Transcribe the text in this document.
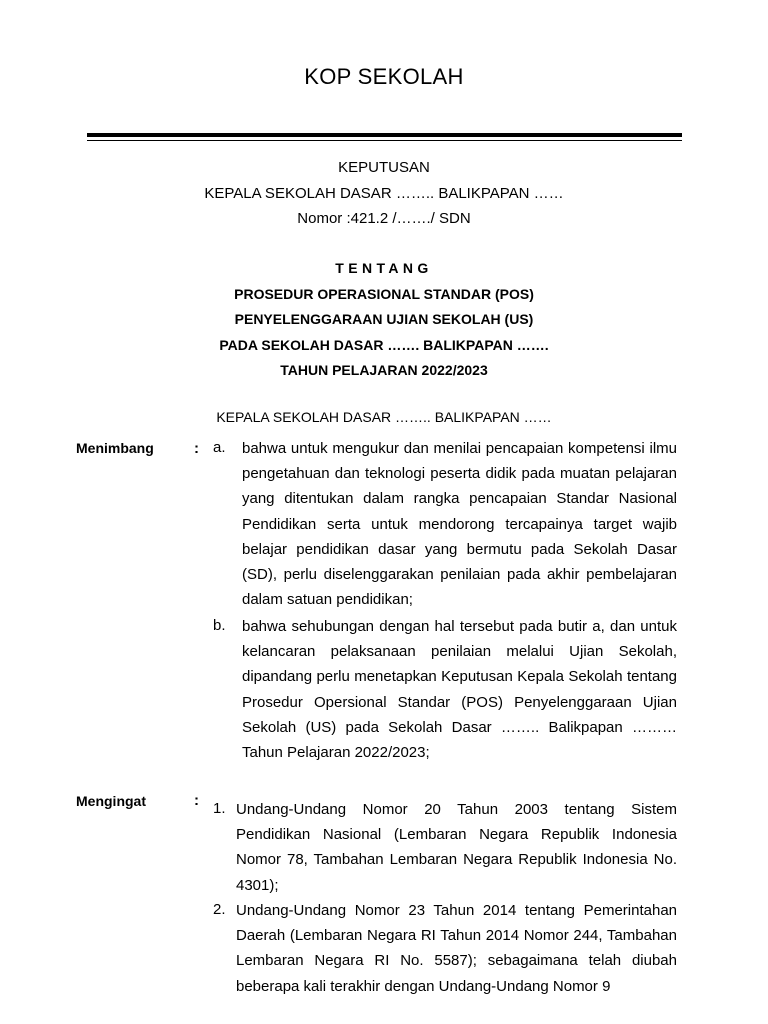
KOP SEKOLAH
KEPUTUSAN
KEPALA SEKOLAH DASAR …….. BALIKPAPAN ……
Nomor :421.2 /……./ SDN
TENTANG
PROSEDUR OPERASIONAL STANDAR (POS)
PENYELENGGARAAN UJIAN SEKOLAH (US)
PADA SEKOLAH DASAR ……. BALIKPAPAN …….
TAHUN PELAJARAN 2022/2023
KEPALA SEKOLAH DASAR …….. BALIKPAPAN ……
Menimbang	: a. bahwa untuk mengukur dan menilai pencapaian kompetensi ilmu pengetahuan dan teknologi peserta didik pada muatan pelajaran yang ditentukan dalam rangka pencapaian Standar Nasional Pendidikan serta untuk mendorong tercapainya target wajib belajar pendidikan dasar yang bermutu pada Sekolah Dasar (SD), perlu diselenggarakan penilaian pada akhir pembelajaran dalam satuan pendidikan;
b. bahwa sehubungan dengan hal tersebut pada butir a, dan untuk kelancaran pelaksanaan penilaian melalui Ujian Sekolah, dipandang perlu menetapkan Keputusan Kepala Sekolah tentang Prosedur Opersional Standar (POS) Penyelenggaraan Ujian Sekolah (US) pada Sekolah Dasar …….. Balikpapan ……… Tahun Pelajaran 2022/2023;
Mengingat	: 1. Undang-Undang Nomor 20 Tahun 2003 tentang Sistem Pendidikan Nasional (Lembaran Negara Republik Indonesia Nomor 78, Tambahan Lembaran Negara Republik Indonesia No. 4301);
2. Undang-Undang Nomor 23 Tahun 2014 tentang Pemerintahan Daerah (Lembaran Negara RI Tahun 2014 Nomor 244, Tambahan Lembaran Negara RI No. 5587); sebagaimana telah diubah beberapa kali terakhir dengan Undang-Undang Nomor 9
